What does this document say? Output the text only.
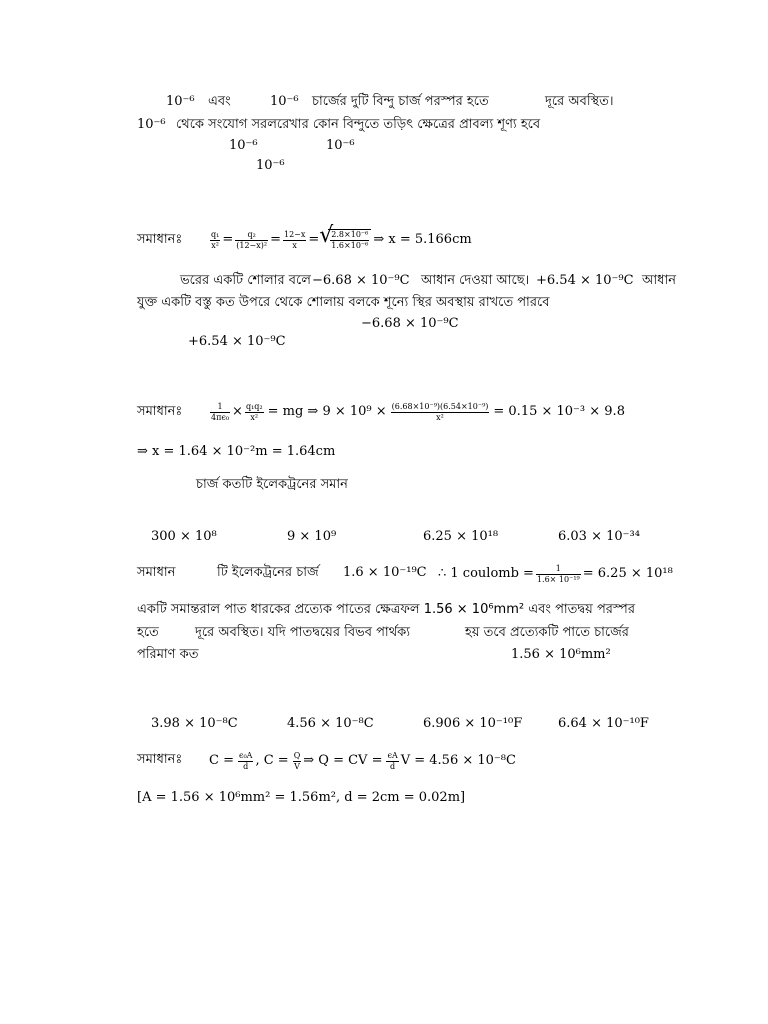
10⁻⁶ এবং	10⁻⁶ চার্জের দুটি বিন্দু চার্জ পরস্পর হতে	দূরে অবস্থিত।
10⁻⁶ থেকে সংযোগ সরলরেখার কোন বিন্দুতে তড়িৎ ক্ষেত্রের প্রাবল্য শূণ্য হবে
10⁻⁶	10⁻⁶
10⁻⁶
সমাধানঃ	$\frac{\text{q₁}}{\text{x²}} = \frac{\text{q₂}}{\text{(12−x)²}} = \frac{12-x}{x}$ = √
$\frac{\text{2.8×10⁻⁶}}{\text{1.6×10⁻⁶}}$ ⇒ x = 5.166cm
ভরের একটি শোলার বলে −6.68 × 10⁻⁹C আধান দেওয়া আছে। +6.54 × 10⁻⁹C আধান
যুক্ত একটি বস্তু কত উপরে থেকে শোলায় বলকে শূন্যে স্থির অবস্থায় রাখতে পারবে
−6.68 × 10⁻⁹C
+6.54 × 10⁻⁹C
সমাধানঃ	$\frac{1}{\text{4πϵ₀}} \times \frac{\text{q₁q₂}}{\text{x²}}$ = mg ⇒ $9 \times 10^9 \times \frac{\text{(6.68×10⁻⁹)(6.54×10⁻⁹)}}{\text{x²}} = 0.15 \times 10^{-3} \times 9.8$
⇒ x = 1.64 × 10⁻²m = 1.64cm
চার্জ কতটি ইলেকট্রনের সমান
300 × 10⁸	9 × 10⁹	6.25 × 10¹⁸	6.03 × 10⁻³⁴
সমাধান	টি ইলেকট্রনের চার্জ 1.6 × 10⁻¹⁹C ∴ 1 coulomb = $\frac{1}{\text{1.6× 10⁻¹⁹}} = 6.25 \times 10^{18}$
একটি সমান্তরাল পাত ধারকের প্রত্যেক পাতের ক্ষেত্রফল 1.56 × 10⁶mm² এবং পাতদ্বয় পরস্পর
হতে	দূরে অবস্থিত। যদি পাতদ্বয়ের বিভব পার্থক্য	হয় তবে প্রত্যেকটি পাতে চার্জের
পরিমাণ কত	1.56 × 10⁶mm²
3.98 × 10⁻⁸C	4.56 × 10⁻⁸C	6.906 × 10⁻¹⁰F	6.64 × 10⁻¹⁰F
সমাধানঃ $C = \frac{\text{ϵ₀A}}{d}$ , $C = \frac{Q}{V}$ ⇒ Q = CV = $\frac{\epsilon A}{d}$ V = 4.56 × 10⁻⁸C
[A = 1.56 × 10⁶mm² = 1.56m², d = 2cm = 0.02m]
